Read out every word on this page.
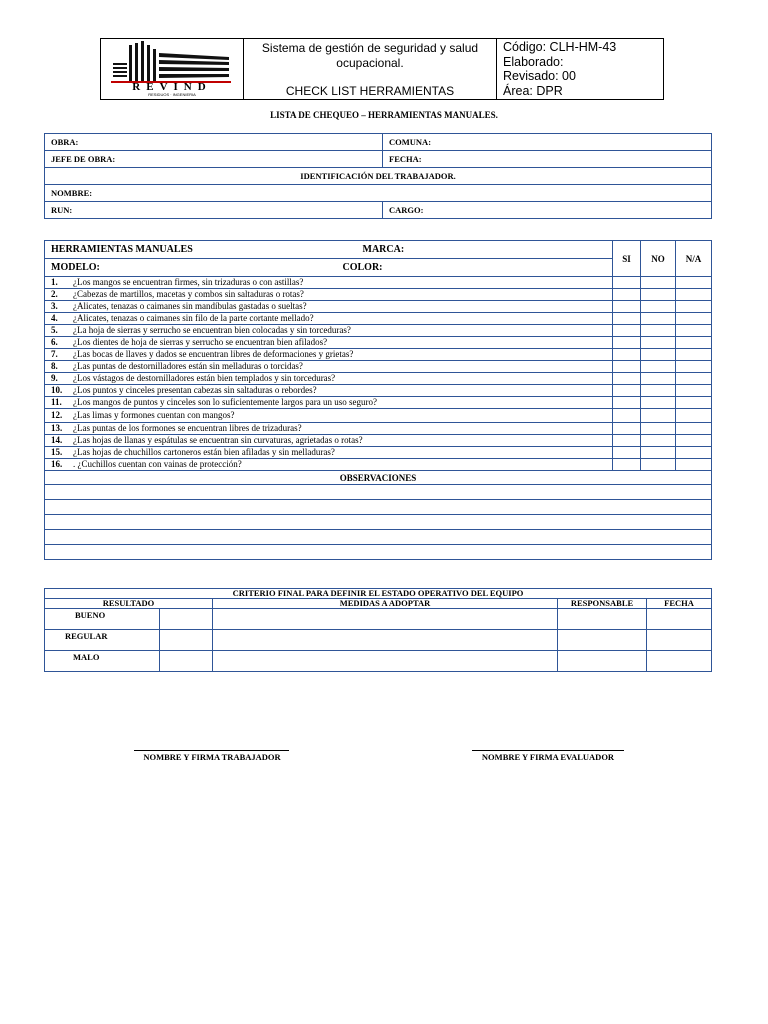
REVIND
RESIDUOS · INGENIERIA

Sistema de gestión de seguridad y salud
ocupacional.
CHECK LIST HERRAMIENTAS

Código: CLH-HM-43
Elaborado:
Revisado: 00
Área: DPR
LISTA DE CHEQUEO – HERRAMIENTAS MANUALES.
OBRA:	COMUNA:
JEFE DE OBRA:	FECHA:
IDENTIFICACIÓN DEL TRABAJADOR.	
NOMBRE:	
RUN:	CARGO:
HERRAMIENTAS MANUALES MARCA:	SI	NO	N/A
MODELO: COLOR:			

1. ¿Los mangos se encuentran firmes, sin trizaduras o con astillas?			
2. ¿Cabezas de martillos, macetas y combos sin saltaduras o rotas?			
3. ¿Alicates, tenazas o caimanes sin mandíbulas gastadas o sueltas?			
4. ¿Alicates, tenazas o caimanes sin filo de la parte cortante mellado?			
5. ¿La hoja de sierras y serrucho se encuentran bien colocadas y sin torceduras?			
6. ¿Los dientes de hoja de sierras y serrucho se encuentran bien afilados?			
7. ¿Las bocas de llaves y dados se encuentran libres de deformaciones y grietas?			
8. ¿Las puntas de destornilladores están sin melladuras o torcidas?			
9. ¿Los vástagos de destornilladores están bien templados y sin torceduras?			
10. ¿Los puntos y cinceles presentan cabezas sin saltaduras o rebordes?			
11. ¿Los mangos de puntos y cinceles son lo suficientemente largos para un uso seguro?			
12. ¿Las limas y formones cuentan con mangos?			
13. ¿Las puntas de los formones se encuentran libres de trizaduras?			
14. ¿Las hojas de llanas y espátulas se encuentran sin curvaturas, agrietadas o rotas?			
15. ¿Las hojas de chuchillos cartoneros están bien afiladas y sin melladuras?			
16. . ¿Cuchillos cuentan con vainas de protección?			
OBSERVACIONES			

CRITERIO FINAL PARA DEFINIR EL ESTADO OPERATIVO DEL EQUIPO				
RESULTADO		MEDIDAS A ADOPTAR	RESPONSABLE	FECHA
BUENO				
REGULAR				
MALO				
NOMBRE Y FIRMA TRABAJADOR	NOMBRE Y FIRMA EVALUADOR
